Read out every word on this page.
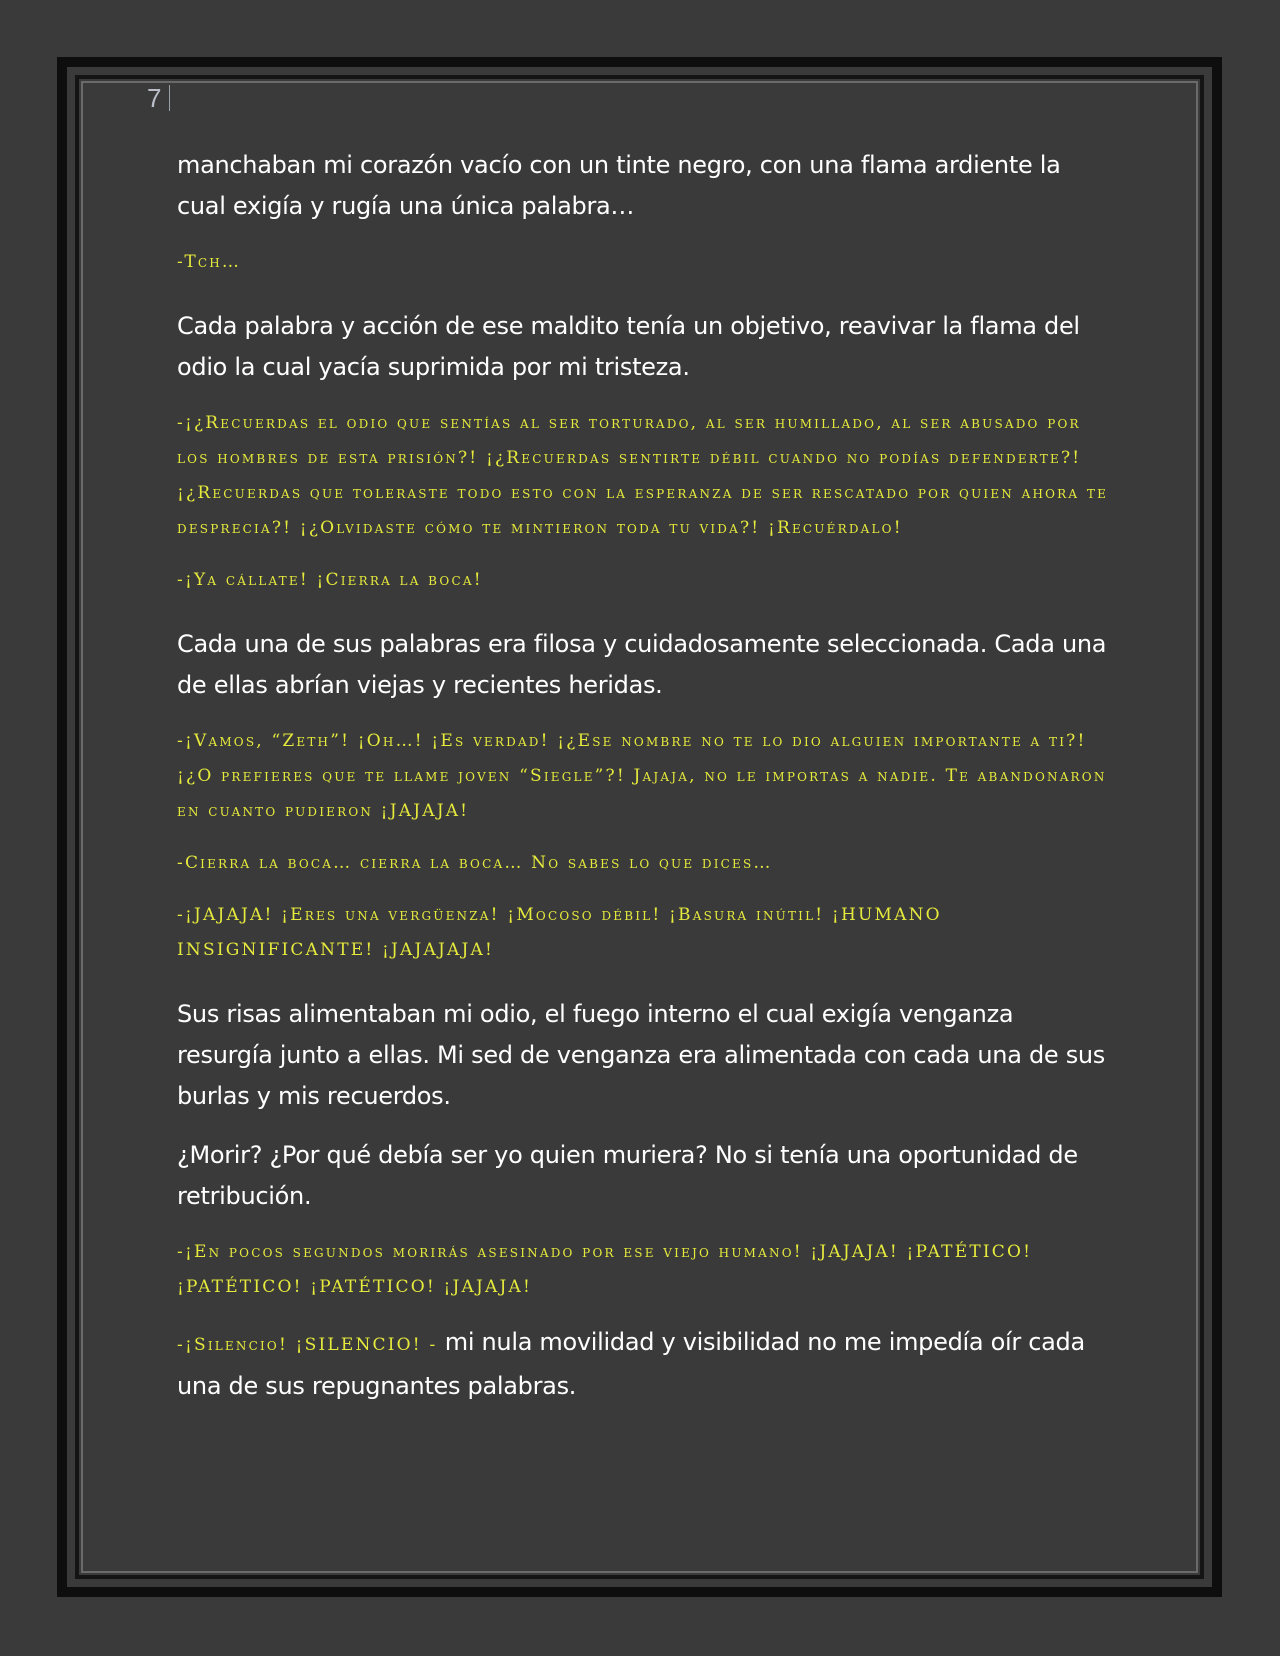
7

manchaban mi corazón vacío con un tinte negro, con una flama ardiente la cual exigía y rugía una única palabra…

-Tch…

Cada palabra y acción de ese maldito tenía un objetivo, reavivar la flama del odio la cual yacía suprimida por mi tristeza.

-¡¿Recuerdas el odio que sentías al ser torturado, al ser humillado, al ser abusado por los hombres de esta prisión?! ¡¿Recuerdas sentirte débil cuando no podías defenderte?! ¡¿Recuerdas que toleraste todo esto con la esperanza de ser rescatado por quien ahora te desprecia?! ¡¿Olvidaste cómo te mintieron toda tu vida?! ¡Recuérdalo!

-¡Ya cállate! ¡Cierra la boca!

Cada una de sus palabras era filosa y cuidadosamente seleccionada. Cada una de ellas abrían viejas y recientes heridas.

-¡Vamos, “Zeth”! ¡Oh…! ¡Es verdad! ¡¿Ese nombre no te lo dio alguien importante a ti?! ¡¿O prefieres que te llame joven “Siegle”?! Jajaja, no le importas a nadie. Te abandonaron en cuanto pudieron ¡JAJAJA!

-Cierra la boca… cierra la boca… No sabes lo que dices…

-¡JAJAJA! ¡Eres una vergüenza! ¡Mocoso débil! ¡Basura inútil! ¡HUMANO INSIGNIFICANTE! ¡JAJAJAJA!

Sus risas alimentaban mi odio, el fuego interno el cual exigía venganza resurgía junto a ellas. Mi sed de venganza era alimentada con cada una de sus burlas y mis recuerdos.

¿Morir? ¿Por qué debía ser yo quien muriera? No si tenía una oportunidad de retribución.

-¡En pocos segundos morirás asesinado por ese viejo humano! ¡JAJAJA! ¡PATÉTICO! ¡PATÉTICO! ¡PATÉTICO! ¡JAJAJA!

-¡Silencio! ¡SILENCIO! - mi nula movilidad y visibilidad no me impedía oír cada una de sus repugnantes palabras.
